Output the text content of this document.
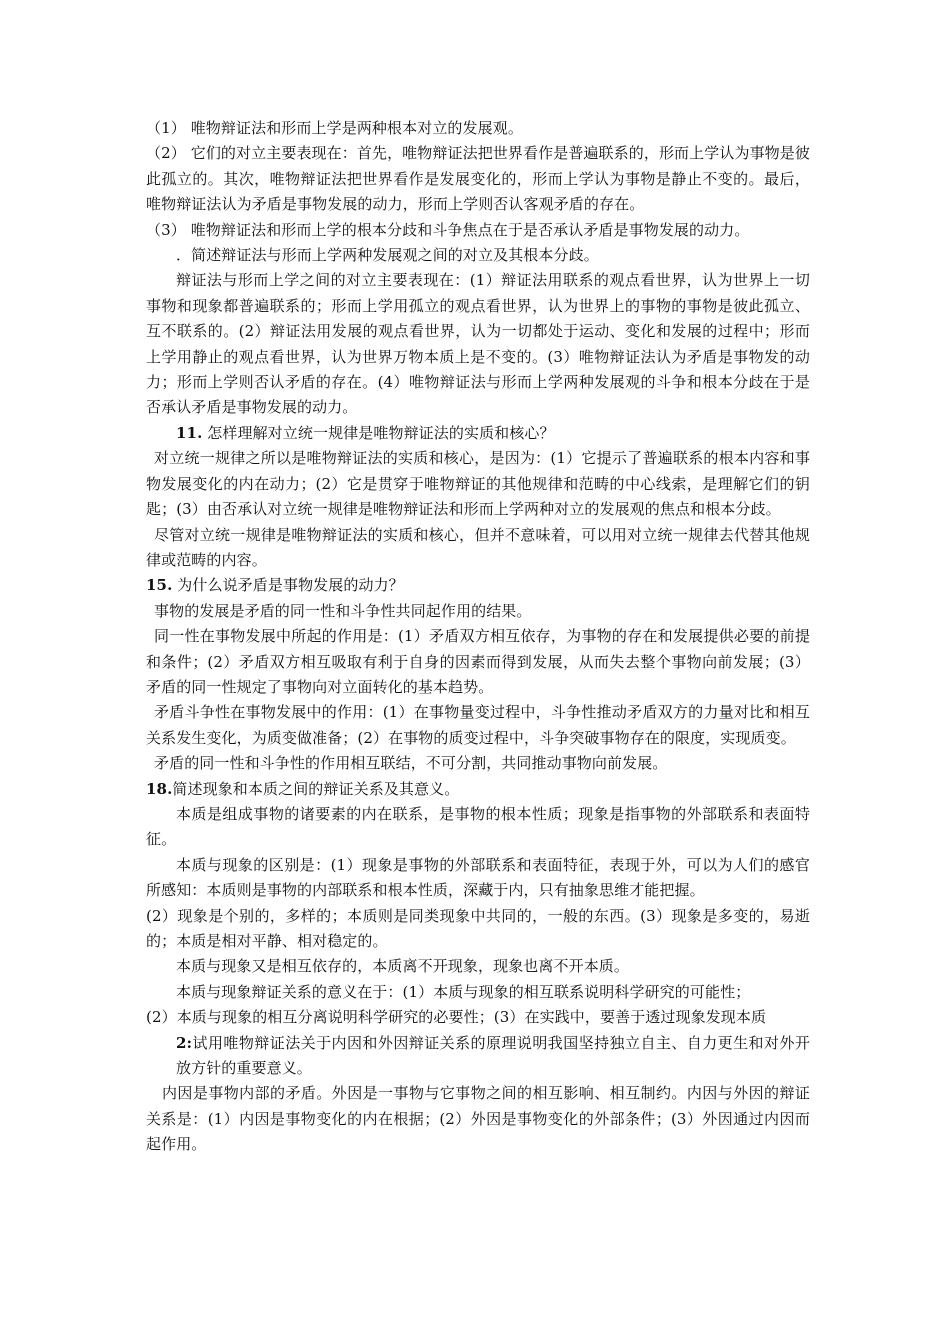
（1） 唯物辩证法和形而上学是两种根本对立的发展观。

（2） 它们的对立主要表现在：首先，唯物辩证法把世界看作是普遍联系的，形而上学认为事物是彼此孤立的。其次，唯物辩证法把世界看作是发展变化的，形而上学认为事物是静止不变的。最后，唯物辩证法认为矛盾是事物发展的动力，形而上学则否认客观矛盾的存在。

（3） 唯物辩证法和形而上学的根本分歧和斗争焦点在于是否承认矛盾是事物发展的动力。

．简述辩证法与形而上学两种发展观之间的对立及其根本分歧。

辩证法与形而上学之间的对立主要表现在：(1）辩证法用联系的观点看世界，认为世界上一切事物和现象都普遍联系的；形而上学用孤立的观点看世界，认为世界上的事物的事物是彼此孤立、互不联系的。(2）辩证法用发展的观点看世界，认为一切都处于运动、变化和发展的过程中；形而上学用静止的观点看世界，认为世界万物本质上是不变的。(3）唯物辩证法认为矛盾是事物发的动力；形而上学则否认矛盾的存在。(4）唯物辩证法与形而上学两种发展观的斗争和根本分歧在于是否承认矛盾是事物发展的动力。

11. 怎样理解对立统一规律是唯物辩证法的实质和核心？

对立统一规律之所以是唯物辩证法的实质和核心，是因为：(1）它提示了普遍联系的根本内容和事物发展变化的内在动力；(2）它是贯穿于唯物辩证的其他规律和范畴的中心线索，是理解它们的钥匙；(3）由否承认对立统一规律是唯物辩证法和形而上学两种对立的发展观的焦点和根本分歧。

尽管对立统一规律是唯物辩证法的实质和核心，但并不意味着，可以用对立统一规律去代替其他规律或范畴的内容。

15. 为什么说矛盾是事物发展的动力？

事物的发展是矛盾的同一性和斗争性共同起作用的结果。

同一性在事物发展中所起的作用是：(1）矛盾双方相互依存，为事物的存在和发展提供必要的前提和条件；(2）矛盾双方相互吸取有利于自身的因素而得到发展，从而失去整个事物向前发展；(3）矛盾的同一性规定了事物向对立面转化的基本趋势。

矛盾斗争性在事物发展中的作用：(1）在事物量变过程中，斗争性推动矛盾双方的力量对比和相互关系发生变化，为质变做准备；(2）在事物的质变过程中，斗争突破事物存在的限度，实现质变。

矛盾的同一性和斗争性的作用相互联结，不可分割，共同推动事物向前发展。

18.简述现象和本质之间的辩证关系及其意义。

本质是组成事物的诸要素的内在联系，是事物的根本性质；现象是指事物的外部联系和表面特征。

本质与现象的区别是：(1）现象是事物的外部联系和表面特征，表现于外，可以为人们的感官所感知：本质则是事物的内部联系和根本性质，深藏于内，只有抽象思维才能把握。

(2）现象是个别的，多样的；本质则是同类现象中共同的，一般的东西。(3）现象是多变的，易逝的；本质是相对平静、相对稳定的。

本质与现象又是相互依存的，本质离不开现象，现象也离不开本质。

本质与现象辩证关系的意义在于：(1）本质与现象的相互联系说明科学研究的可能性；

(2）本质与现象的相互分离说明科学研究的必要性；(3）在实践中，要善于透过现象发现本质

2:试用唯物辩证法关于内因和外因辩证关系的原理说明我国坚持独立自主、自力更生和对外开放方针的重要意义。

内因是事物内部的矛盾。外因是一事物与它事物之间的相互影响、相互制约。内因与外因的辩证关系是：(1）内因是事物变化的内在根据；(2）外因是事物变化的外部条件；(3）外因通过内因而起作用。
